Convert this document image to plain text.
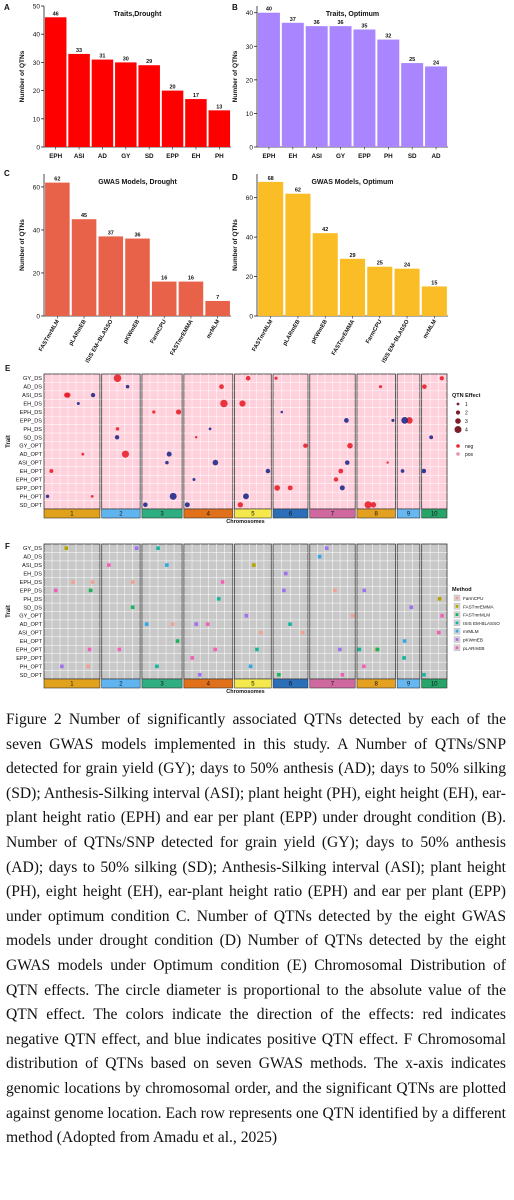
A
Traits,Drought
Number of QTNs
0
10
20
30
40
50
46
EPH
33
ASI
31
AD
30
GY
29
SD
20
EPP
17
EH
13
PH
B
Traits, Optimum
Number of QTNs
0
10
20
30
40
40
EPH
37
EH
36
ASI
36
GY
35
EPP
32
PH
25
SD
24
AD
C
GWAS Models, Drought
Number of QTNs
0
20
40
60
62
FASTmrMLM
45
pLARmEB
37
ISIS EM−BLASSO
36
pKWmEB
16
FarmCPU
16
FASTmrEMMA
7
mrMLM
D
GWAS Models, Optimum
Number of QTNs
0
20
40
60
68
FASTmrMLM
62
pLARmEB
42
pKWmEB
29
FASTmrEMMA
25
FarmCPU
24
ISIS EM−BLASSO
15
mrMLM
E
Trait
GY_DS
AD_DS
ASI_DS
EH_DS
EPH_DS
EPP_DS
PH_DS
SD_DS
GY_OPT
AD_OPT
ASI_OPT
EH_OPT
EPH_OPT
EPP_OPT
PH_OPT
SD_OPT
1	2	3	4	5	6	7	8	9	10
Chromosomes
QTN Effect
1
2
3
4
neg
pos
F
Trait
GY_DS
AD_DS
ASI_DS
EH_DS
EPH_DS
EPP_DS
PH_DS
SD_DS
GY_OPT
AD_OPT
ASI_OPT
EH_OPT
EPH_OPT
EPP_OPT
PH_OPT
SD_OPT
1	2	3	4	5	6	7	8	9	10
Chromosomes
Method
FarmCPU
FASTmrEMMA
FASTmrMLM
ISIS EM-BLASSO
mrMLM
pKWmEB
pLARmEB
Figure 2 Number of significantly associated QTNs detected by each of the seven GWAS models implemented in this study. A Number of QTNs/SNP detected for grain yield (GY); days to 50% anthesis (AD); days to 50% silking (SD); Anthesis-Silking interval (ASI); plant height (PH), eight height (EH), ear-plant height ratio (EPH) and ear per plant (EPP) under drought condition (B). Number of QTNs/SNP detected for grain yield (GY); days to 50% anthesis (AD); days to 50% silking (SD); Anthesis-Silking interval (ASI); plant height (PH), eight height (EH), ear-plant height ratio (EPH) and ear per plant (EPP) under optimum condition C. Number of QTNs detected by the eight GWAS models under drought condition (D) Number of QTNs detected by the eight GWAS models under Optimum condition (E) Chromosomal Distribution of QTN effects. The circle diameter is proportional to the absolute value of the QTN effect. The colors indicate the direction of the effects: red indicates negative QTN effect, and blue indicates positive QTN effect. F Chromosomal distribution of QTNs based on seven GWAS methods. The x-axis indicates genomic locations by chromosomal order, and the significant QTNs are plotted against genome location. Each row represents one QTN identified by a different method (Adopted from Amadu et al., 2025)
